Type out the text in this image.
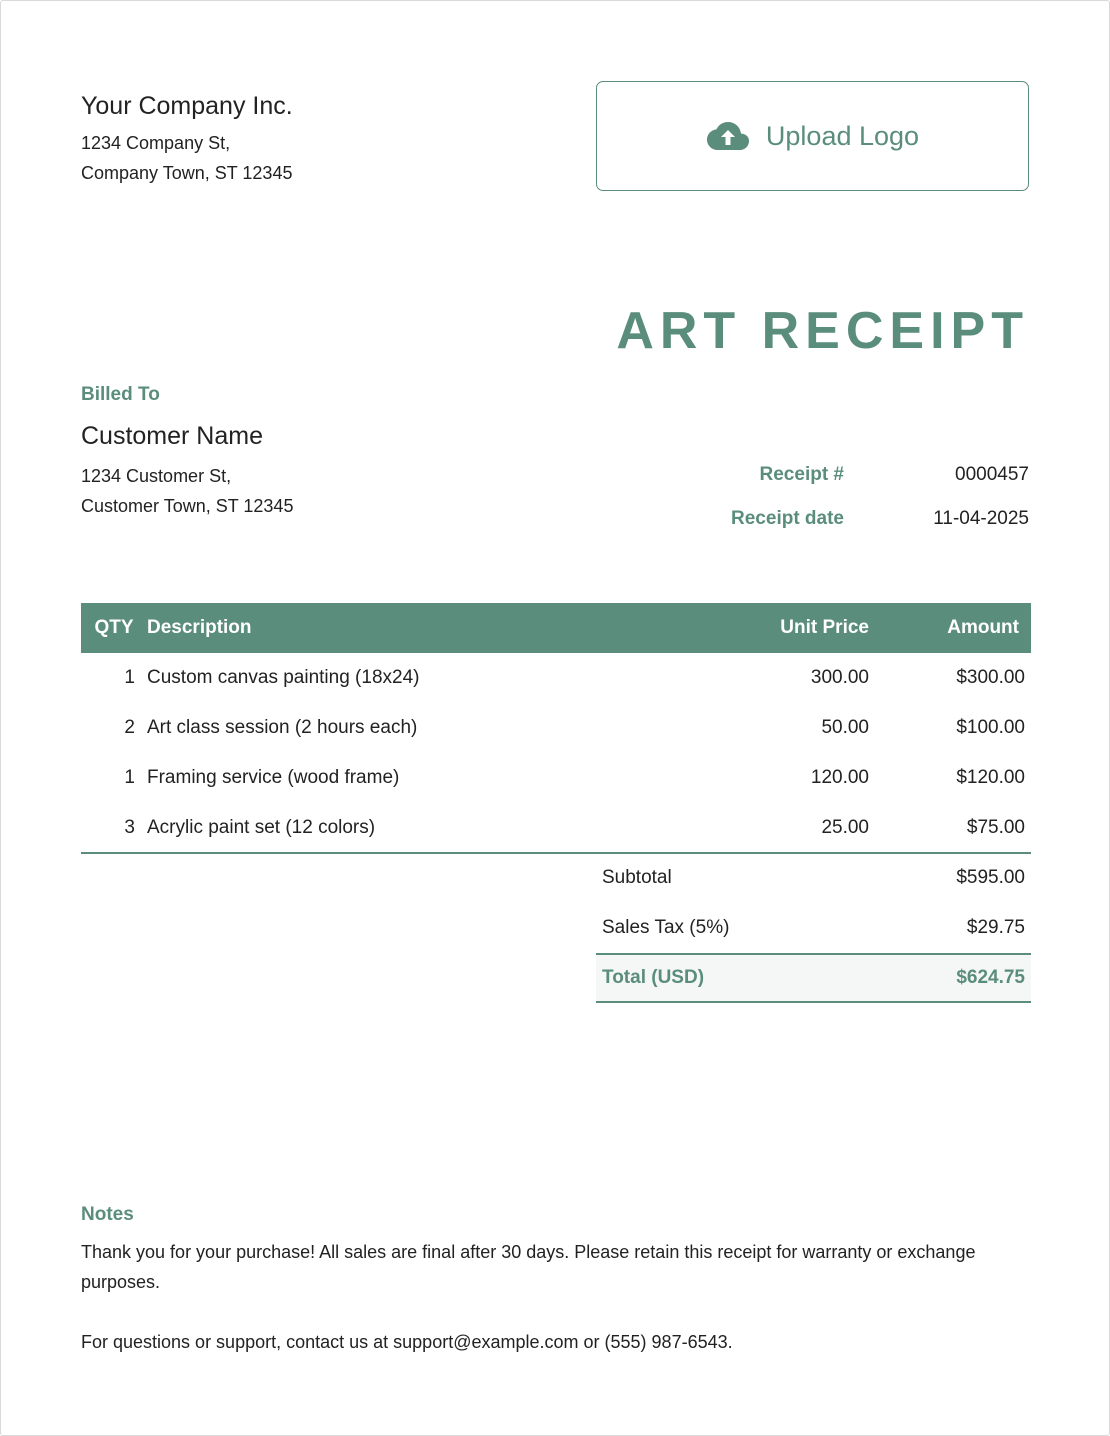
Your Company Inc.
1234 Company St,
Company Town, ST 12345
Upload Logo
ART RECEIPT
Billed To
Customer Name
1234 Customer St,
Customer Town, ST 12345
Receipt #	0000457
Receipt date	11-04-2025
QTY	Description	Unit Price	Amount
1	Custom canvas painting (18x24)	300.00	$300.00
2	Art class session (2 hours each)	50.00	$100.00
1	Framing service (wood frame)	120.00	$120.00
3	Acrylic paint set (12 colors)	25.00	$75.00
Subtotal	$595.00
Sales Tax (5%)	$29.75
Total (USD)	$624.75
Notes
Thank you for your purchase! All sales are final after 30 days. Please retain this receipt for warranty or exchange purposes.
For questions or support, contact us at support@example.com or (555) 987-6543.
